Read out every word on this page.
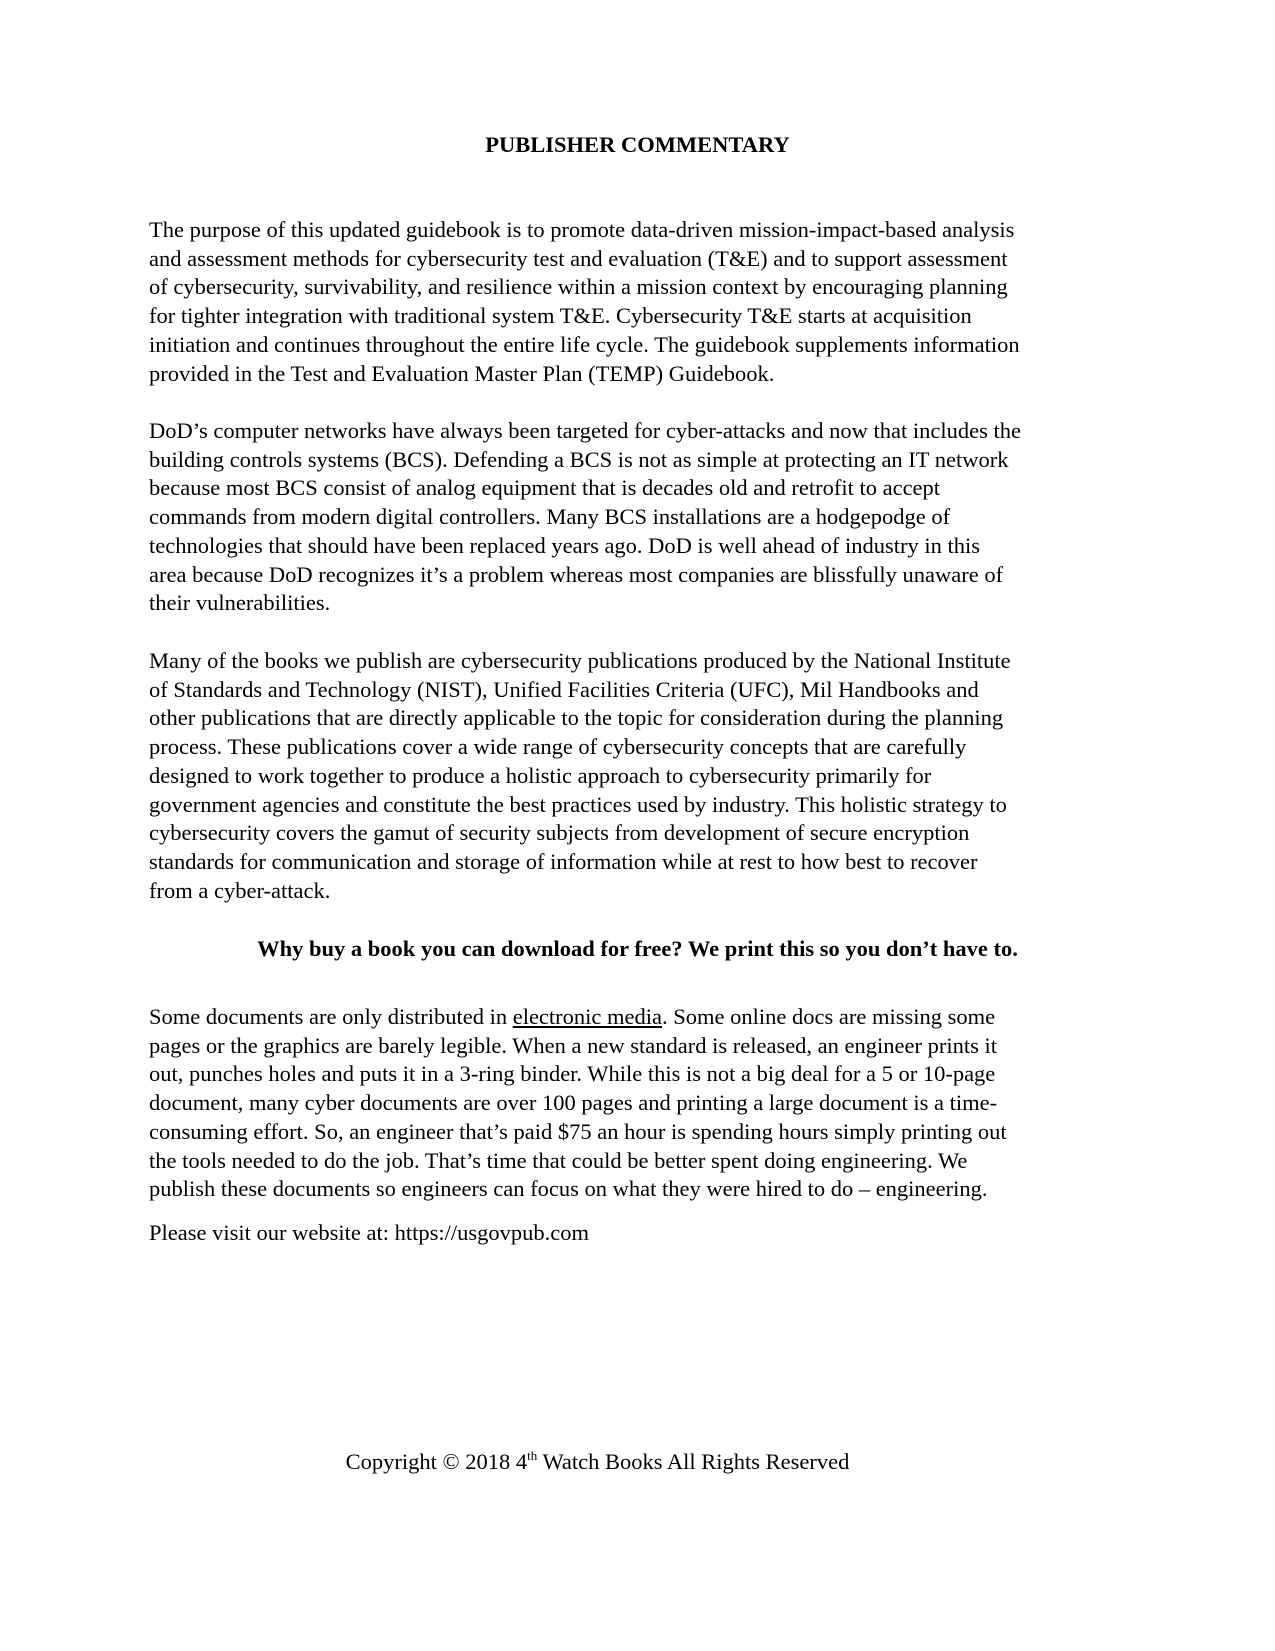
PUBLISHER COMMENTARY

The purpose of this updated guidebook is to promote data-driven mission-impact-based analysis
and assessment methods for cybersecurity test and evaluation (T&E) and to support assessment
of cybersecurity, survivability, and resilience within a mission context by encouraging planning
for tighter integration with traditional system T&E. Cybersecurity T&E starts at acquisition
initiation and continues throughout the entire life cycle. The guidebook supplements information
provided in the Test and Evaluation Master Plan (TEMP) Guidebook.

DoD’s computer networks have always been targeted for cyber-attacks and now that includes the
building controls systems (BCS). Defending a BCS is not as simple at protecting an IT network
because most BCS consist of analog equipment that is decades old and retrofit to accept
commands from modern digital controllers. Many BCS installations are a hodgepodge of
technologies that should have been replaced years ago. DoD is well ahead of industry in this
area because DoD recognizes it’s a problem whereas most companies are blissfully unaware of
their vulnerabilities.

Many of the books we publish are cybersecurity publications produced by the National Institute
of Standards and Technology (NIST), Unified Facilities Criteria (UFC), Mil Handbooks and
other publications that are directly applicable to the topic for consideration during the planning
process. These publications cover a wide range of cybersecurity concepts that are carefully
designed to work together to produce a holistic approach to cybersecurity primarily for
government agencies and constitute the best practices used by industry. This holistic strategy to
cybersecurity covers the gamut of security subjects from development of secure encryption
standards for communication and storage of information while at rest to how best to recover
from a cyber-attack.

Why buy a book you can download for free? We print this so you don’t have to.

Some documents are only distributed in electronic media. Some online docs are missing some
pages or the graphics are barely legible. When a new standard is released, an engineer prints it
out, punches holes and puts it in a 3-ring binder. While this is not a big deal for a 5 or 10-page
document, many cyber documents are over 100 pages and printing a large document is a time-
consuming effort. So, an engineer that’s paid $75 an hour is spending hours simply printing out
the tools needed to do the job. That’s time that could be better spent doing engineering. We
publish these documents so engineers can focus on what they were hired to do – engineering.

Please visit our website at: https://usgovpub.com

Copyright © 2018 4th Watch Books All Rights Reserved
